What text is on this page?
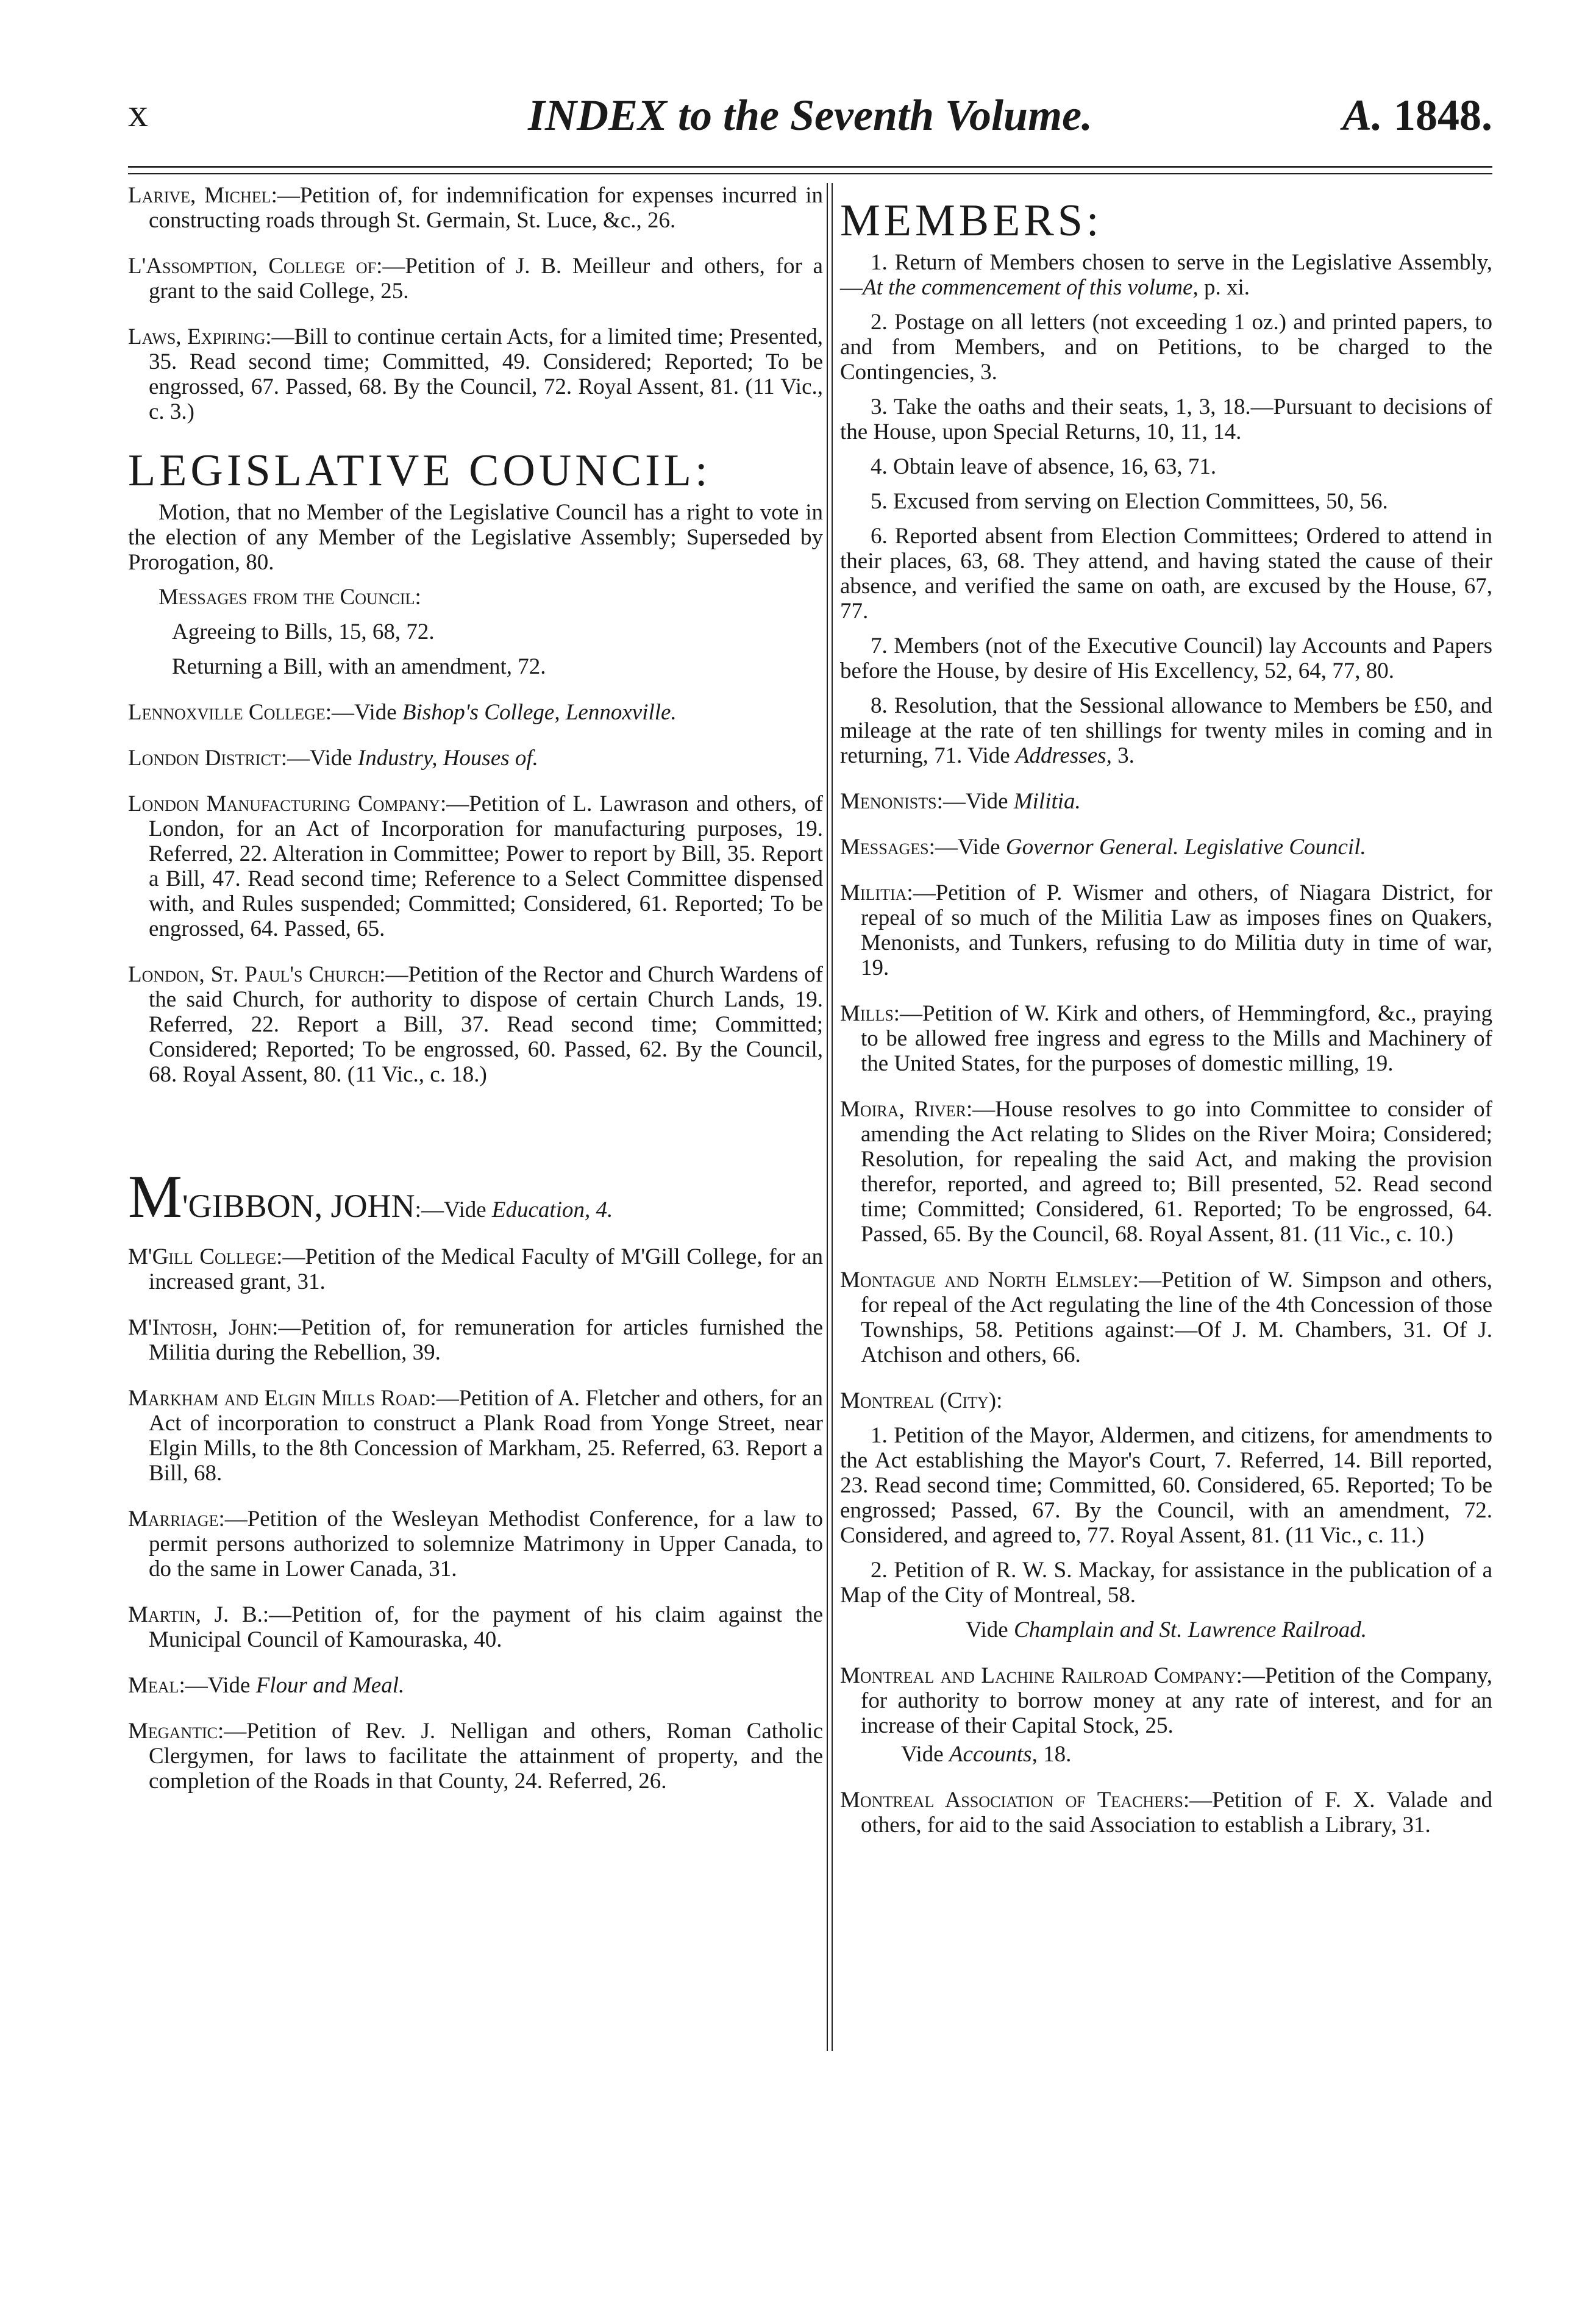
x	INDEX to the Seventh Volume.	A. 1848.

Larive, Michel:—Petition of, for indemnification for expenses incurred in constructing roads through St. Germain, St. Luce, &c., 26.

L'Assomption, College of:—Petition of J. B. Meilleur and others, for a grant to the said College, 25.

Laws, Expiring:—Bill to continue certain Acts, for a limited time; Presented, 35. Read second time; Committed, 49. Considered; Reported; To be engrossed, 67. Passed, 68. By the Council, 72. Royal Assent, 81. (11 Vic., c. 3.)

LEGISLATIVE COUNCIL:

Motion, that no Member of the Legislative Council has a right to vote in the election of any Member of the Legislative Assembly; Superseded by Prorogation, 80.

Messages from the Council:

Agreeing to Bills, 15, 68, 72.

Returning a Bill, with an amendment, 72.

Lennoxville College:—Vide Bishop's College, Lennoxville.

London District:—Vide Industry, Houses of.

London Manufacturing Company:—Petition of L. Lawrason and others, of London, for an Act of Incorporation for manufacturing purposes, 19. Referred, 22. Alteration in Committee; Power to report by Bill, 35. Report a Bill, 47. Read second time; Reference to a Select Committee dispensed with, and Rules suspended; Committed; Considered, 61. Reported; To be engrossed, 64. Passed, 65.

London, St. Paul's Church:—Petition of the Rector and Church Wardens of the said Church, for authority to dispose of certain Church Lands, 19. Referred, 22. Report a Bill, 37. Read second time; Committed; Considered; Reported; To be engrossed, 60. Passed, 62. By the Council, 68. Royal Assent, 80. (11 Vic., c. 18.)

M'GIBBON, JOHN:—Vide Education, 4.

M'Gill College:—Petition of the Medical Faculty of M'Gill College, for an increased grant, 31.

M'Intosh, John:—Petition of, for remuneration for articles furnished the Militia during the Rebellion, 39.

Markham and Elgin Mills Road:—Petition of A. Fletcher and others, for an Act of incorporation to construct a Plank Road from Yonge Street, near Elgin Mills, to the 8th Concession of Markham, 25. Referred, 63. Report a Bill, 68.

Marriage:—Petition of the Wesleyan Methodist Conference, for a law to permit persons authorized to solemnize Matrimony in Upper Canada, to do the same in Lower Canada, 31.

Martin, J. B.:—Petition of, for the payment of his claim against the Municipal Council of Kamouraska, 40.

Meal:—Vide Flour and Meal.

Megantic:—Petition of Rev. J. Nelligan and others, Roman Catholic Clergymen, for laws to facilitate the attainment of property, and the completion of the Roads in that County, 24. Referred, 26.

MEMBERS:

1. Return of Members chosen to serve in the Legislative Assembly,—At the commencement of this volume, p. xi.

2. Postage on all letters (not exceeding 1 oz.) and printed papers, to and from Members, and on Petitions, to be charged to the Contingencies, 3.

3. Take the oaths and their seats, 1, 3, 18.—Pursuant to decisions of the House, upon Special Returns, 10, 11, 14.

4. Obtain leave of absence, 16, 63, 71.

5. Excused from serving on Election Committees, 50, 56.

6. Reported absent from Election Committees; Ordered to attend in their places, 63, 68. They attend, and having stated the cause of their absence, and verified the same on oath, are excused by the House, 67, 77.

7. Members (not of the Executive Council) lay Accounts and Papers before the House, by desire of His Excellency, 52, 64, 77, 80.

8. Resolution, that the Sessional allowance to Members be £50, and mileage at the rate of ten shillings for twenty miles in coming and in returning, 71. Vide Addresses, 3.

Menonists:—Vide Militia.

Messages:—Vide Governor General. Legislative Council.

Militia:—Petition of P. Wismer and others, of Niagara District, for repeal of so much of the Militia Law as imposes fines on Quakers, Menonists, and Tunkers, refusing to do Militia duty in time of war, 19.

Mills:—Petition of W. Kirk and others, of Hemmingford, &c., praying to be allowed free ingress and egress to the Mills and Machinery of the United States, for the purposes of domestic milling, 19.

Moira, River:—House resolves to go into Committee to consider of amending the Act relating to Slides on the River Moira; Considered; Resolution, for repealing the said Act, and making the provision therefor, reported, and agreed to; Bill presented, 52. Read second time; Committed; Considered, 61. Reported; To be engrossed, 64. Passed, 65. By the Council, 68. Royal Assent, 81. (11 Vic., c. 10.)

Montague and North Elmsley:—Petition of W. Simpson and others, for repeal of the Act regulating the line of the 4th Concession of those Townships, 58. Petitions against:—Of J. M. Chambers, 31. Of J. Atchison and others, 66.

Montreal (City):

1. Petition of the Mayor, Aldermen, and citizens, for amendments to the Act establishing the Mayor's Court, 7. Referred, 14. Bill reported, 23. Read second time; Committed, 60. Considered, 65. Reported; To be engrossed; Passed, 67. By the Council, with an amendment, 72. Considered, and agreed to, 77. Royal Assent, 81. (11 Vic., c. 11.)

2. Petition of R. W. S. Mackay, for assistance in the publication of a Map of the City of Montreal, 58.

Vide Champlain and St. Lawrence Railroad.

Montreal and Lachine Railroad Company:—Petition of the Company, for authority to borrow money at any rate of interest, and for an increase of their Capital Stock, 25.

Vide Accounts, 18.

Montreal Association of Teachers:—Petition of F. X. Valade and others, for aid to the said Association to establish a Library, 31.
